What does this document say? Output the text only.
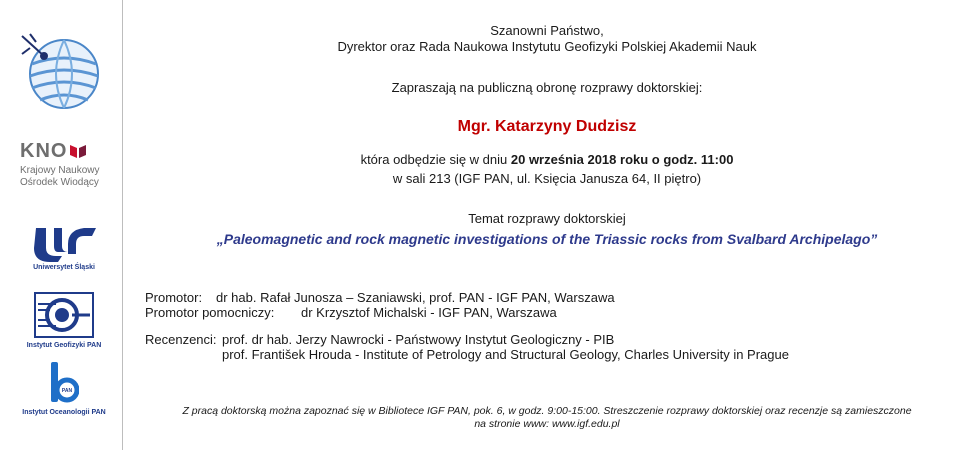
KNO
Krajowy Naukowy
Ośrodek Wiodący
Uniwersytet Śląski
Instytut Geofizyki PAN
PAN
Instytut Oceanologii PAN
Szanowni Państwo,
Dyrektor oraz Rada Naukowa Instytutu Geofizyki Polskiej Akademii Nauk
Zapraszają na publiczną obronę rozprawy doktorskiej:
Mgr. Katarzyny Dudzisz
która odbędzie się w dniu 20 września 2018 roku o godz. 11:00
w sali 213 (IGF PAN, ul. Księcia Janusza 64, II piętro)
Temat rozprawy doktorskiej
„Paleomagnetic and rock magnetic investigations of the Triassic rocks from Svalbard Archipelago”
Promotor: dr hab. Rafał Junosza – Szaniawski, prof. PAN - IGF PAN, Warszawa
Promotor pomocniczy: dr Krzysztof Michalski - IGF PAN, Warszawa
Recenzenci: prof. dr hab. Jerzy Nawrocki - Państwowy Instytut Geologiczny - PIB
prof. František Hrouda - Institute of Petrology and Structural Geology, Charles University in Prague
Z pracą doktorską można zapoznać się w Bibliotece IGF PAN, pok. 6, w godz. 9:00-15:00. Streszczenie rozprawy doktorskiej oraz recenzje są zamieszczone
na stronie www: www.igf.edu.pl
